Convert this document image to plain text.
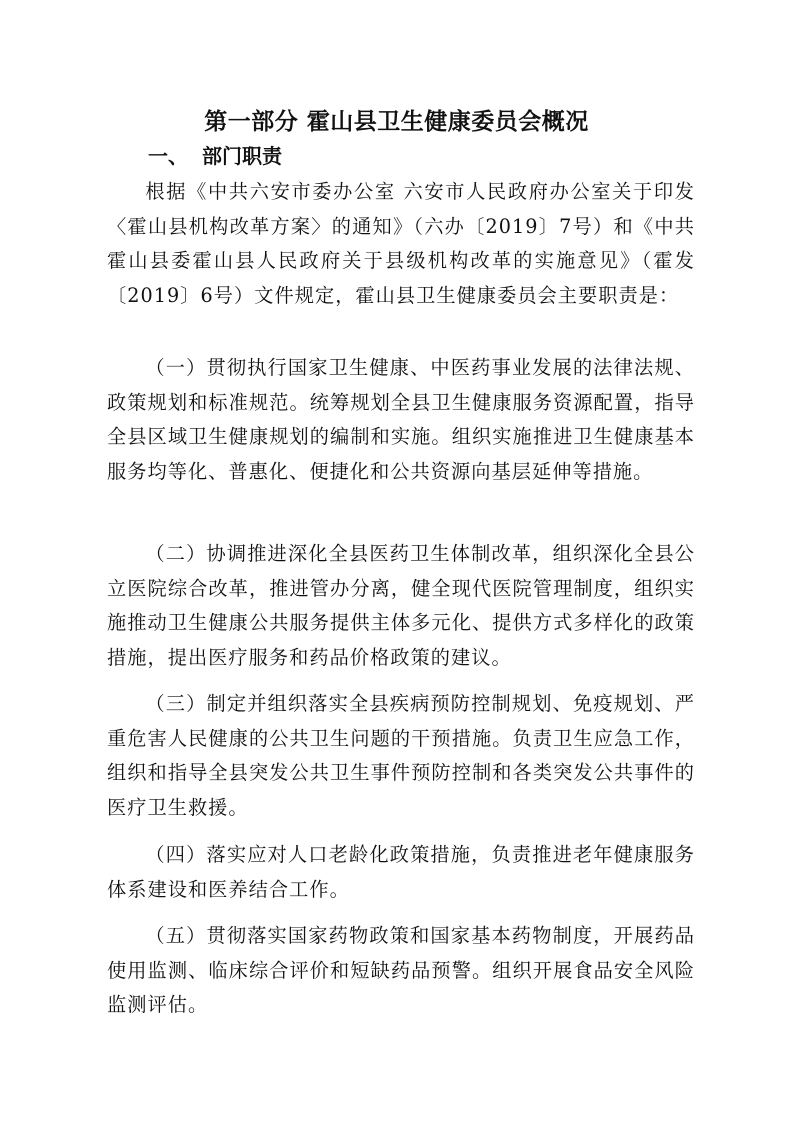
第一部分 霍山县卫生健康委员会概况
一、 部门职责

根据《中共六安市委办公室 六安市人民政府办公室关于印发〈霍山县机构改革方案〉的通知》（六办〔2019〕7号）和《中共霍山县委霍山县人民政府关于县级机构改革的实施意见》（霍发〔2019〕6号）文件规定，霍山县卫生健康委员会主要职责是：

（一）贯彻执行国家卫生健康、中医药事业发展的法律法规、政策规划和标准规范。统筹规划全县卫生健康服务资源配置，指导全县区域卫生健康规划的编制和实施。组织实施推进卫生健康基本服务均等化、普惠化、便捷化和公共资源向基层延伸等措施。

（二）协调推进深化全县医药卫生体制改革，组织深化全县公立医院综合改革，推进管办分离，健全现代医院管理制度，组织实施推动卫生健康公共服务提供主体多元化、提供方式多样化的政策措施，提出医疗服务和药品价格政策的建议。

（三）制定并组织落实全县疾病预防控制规划、免疫规划、严重危害人民健康的公共卫生问题的干预措施。负责卫生应急工作，组织和指导全县突发公共卫生事件预防控制和各类突发公共事件的医疗卫生救援。

（四）落实应对人口老龄化政策措施，负责推进老年健康服务体系建设和医养结合工作。

（五）贯彻落实国家药物政策和国家基本药物制度，开展药品使用监测、临床综合评价和短缺药品预警。组织开展食品安全风险监测评估。
